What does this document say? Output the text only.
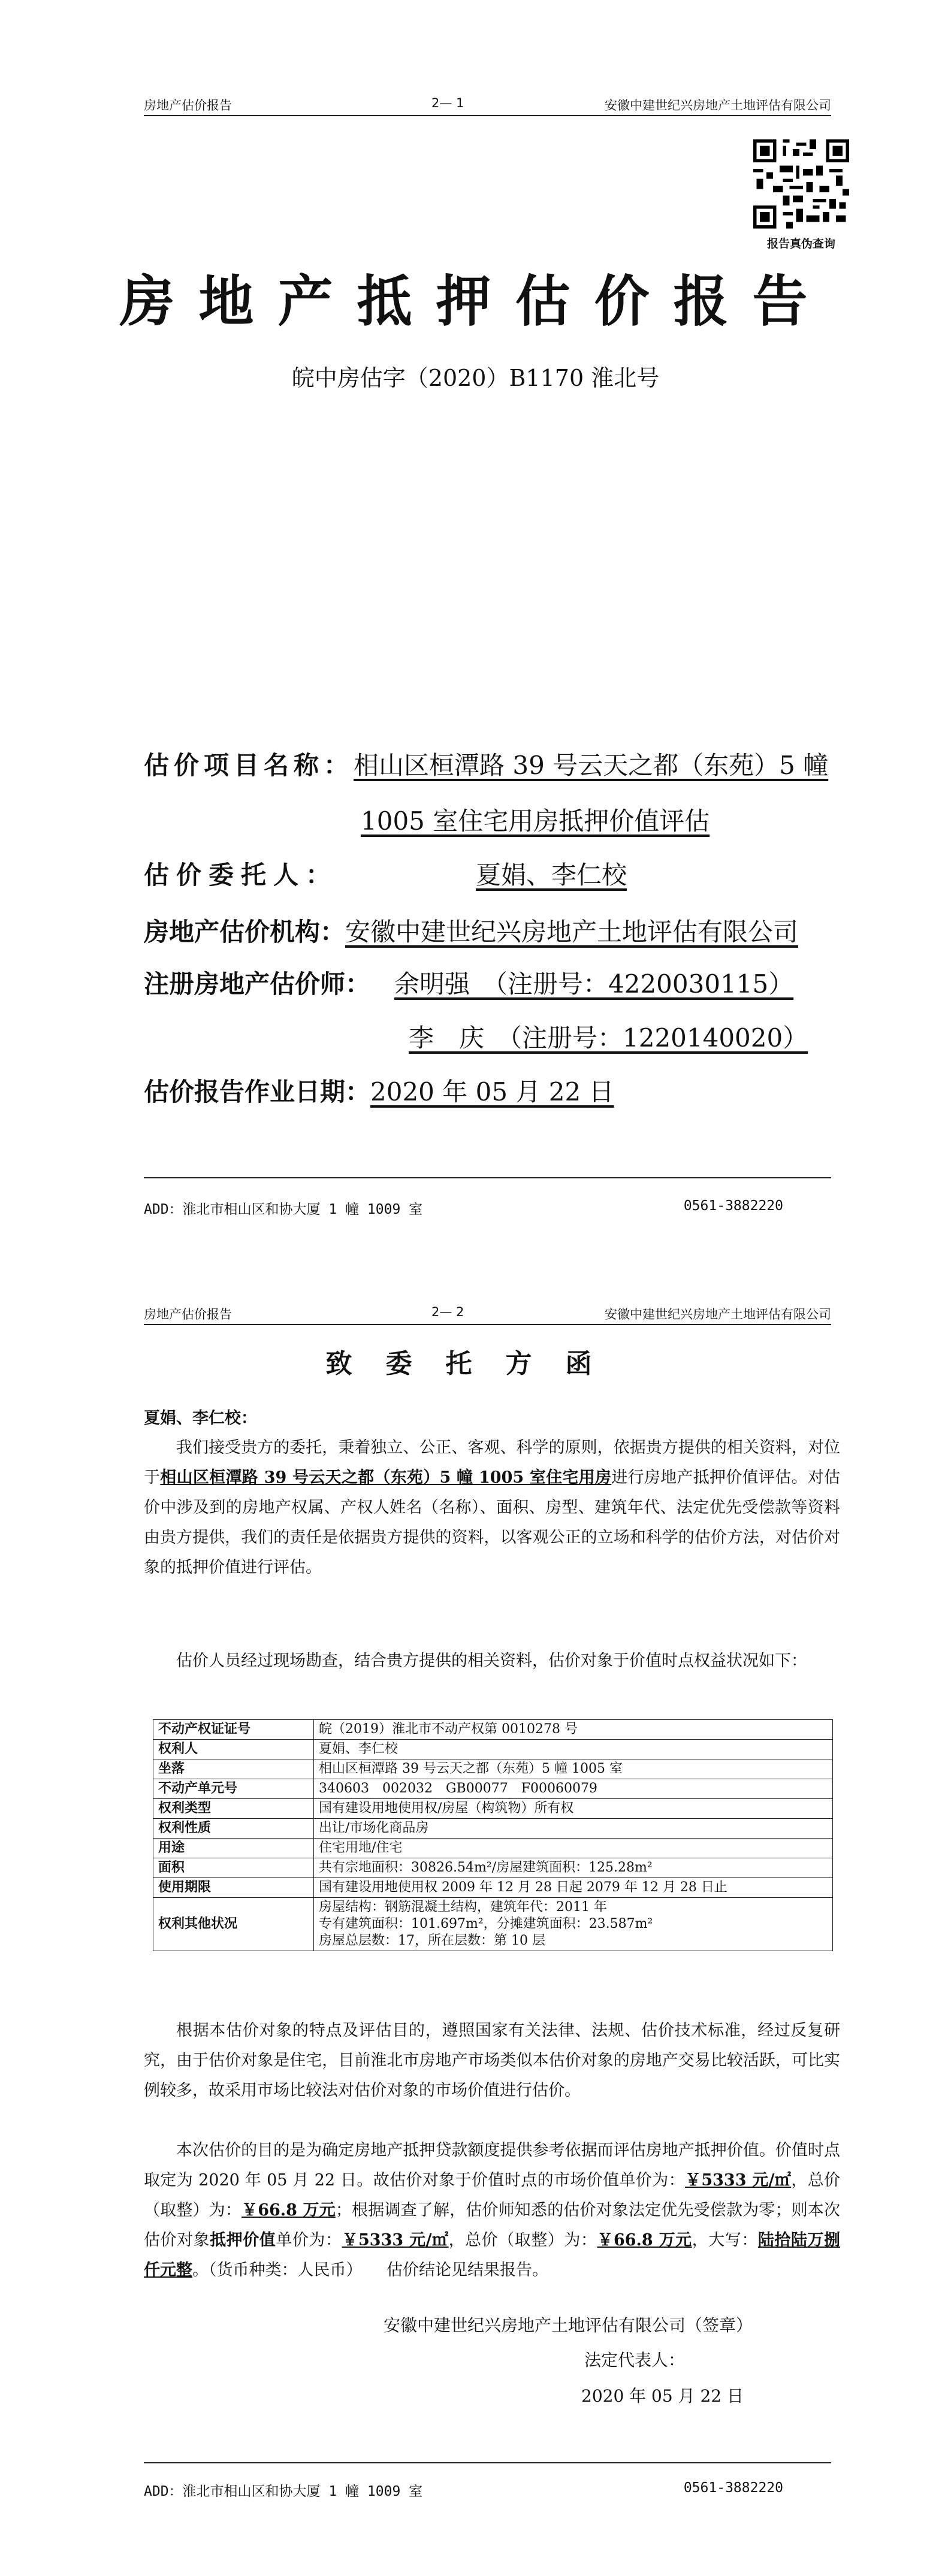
房地产估价报告	2— 1	安徽中建世纪兴房地产土地评估有限公司
报告真伪查询
房地产抵押估价报告
皖中房估字（2020）B1170 淮北号
估价项目名称：相山区桓潭路 39 号云天之都（东苑）5 幢
1005 室住宅用房抵押价值评估
估价委托人：	夏娟、李仁校
房地产估价机构：安徽中建世纪兴房地产土地评估有限公司
注册房地产估价师： 余明强　（注册号：4220030115）
李　庆　（注册号：1220140020）
估价报告作业日期：2020 年 05 月 22 日
ADD：淮北市相山区和协大厦 1 幢 1009 室	0561-3882220
房地产估价报告	2— 2	安徽中建世纪兴房地产土地评估有限公司
致委托方函
夏娟、李仁校：
我们接受贵方的委托，秉着独立、公正、客观、科学的原则，依据贵方提供的相关资料，对位于相山区桓潭路 39 号云天之都（东苑）5 幢 1005 室住宅用房进行房地产抵押价值评估。对估价中涉及到的房地产权属、产权人姓名（名称）、面积、房型、建筑年代、法定优先受偿款等资料由贵方提供，我们的责任是依据贵方提供的资料，以客观公正的立场和科学的估价方法，对估价对象的抵押价值进行评估。
估价人员经过现场勘查，结合贵方提供的相关资料，估价对象于价值时点权益状况如下：
不动产权证证号	皖（2019）淮北市不动产权第 0010278 号
权利人	夏娟、李仁校
坐落	相山区桓潭路 39 号云天之都（东苑）5 幢 1005 室
不动产单元号	340603　002032　GB00077　F00060079
权利类型	国有建设用地使用权/房屋（构筑物）所有权
权利性质	出让/市场化商品房
用途	住宅用地/住宅
面积	共有宗地面积：30826.54m²/房屋建筑面积：125.28m²
使用期限	国有建设用地使用权 2009 年 12 月 28 日起 2079 年 12 月 28 日止
权利其他状况	房屋结构：钢筋混凝土结构，建筑年代：2011 年
专有建筑面积：101.697m²，分摊建筑面积：23.587m²
房屋总层数：17，所在层数：第 10 层
根据本估价对象的特点及评估目的，遵照国家有关法律、法规、估价技术标准，经过反复研究，由于估价对象是住宅，目前淮北市房地产市场类似本估价对象的房地产交易比较活跃，可比实例较多，故采用市场比较法对估价对象的市场价值进行估价。
本次估价的目的是为确定房地产抵押贷款额度提供参考依据而评估房地产抵押价值。价值时点取定为 2020 年 05 月 22 日。故估价对象于价值时点的市场价值单价为：￥5333 元/㎡，总价（取整）为：￥66.8 万元；根据调查了解，估价师知悉的估价对象法定优先受偿款为零；则本次估价对象抵押价值单价为：￥5333 元/㎡，总价（取整）为：￥66.8 万元，大写：陆拾陆万捌仟元整。（货币种类：人民币）　　估价结论见结果报告。
安徽中建世纪兴房地产土地评估有限公司（签章）
法定代表人：
2020 年 05 月 22 日
ADD：淮北市相山区和协大厦 1 幢 1009 室	0561-3882220
